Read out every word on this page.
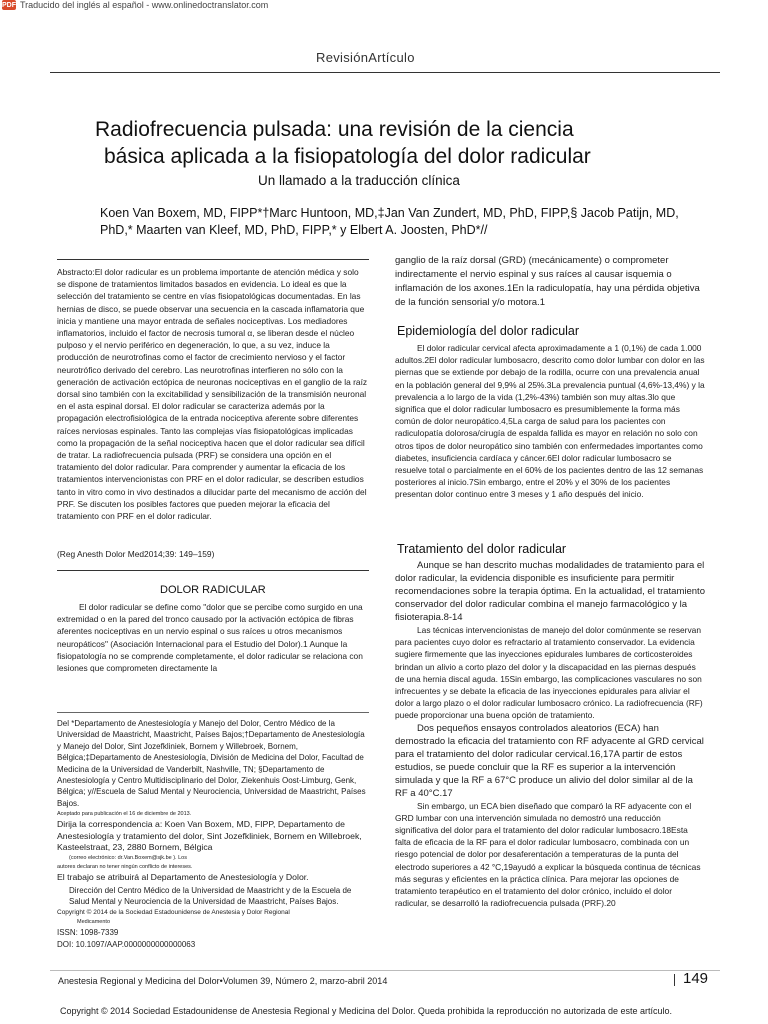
PDF Traducido del inglés al español - www.onlinedoctranslator.com
RevisiónArtículo
Radiofrecuencia pulsada: una revisión de la ciencia
básica aplicada a la fisiopatología del dolor radicular
Un llamado a la traducción clínica
Koen Van Boxem, MD, FIPP*†Marc Huntoon, MD,‡Jan Van Zundert, MD, PhD, FIPP,§ Jacob Patijn, MD, PhD,* Maarten van Kleef, MD, PhD, FIPP,* y Elbert A. Joosten, PhD*//

Abstracto:El dolor radicular es un problema importante de atención médica y solo se dispone de tratamientos limitados basados en evidencia. Lo ideal es que la selección del tratamiento se centre en vías fisiopatológicas documentadas. En las hernias de disco, se puede observar una secuencia en la cascada inflamatoria que inicia y mantiene una mayor entrada de señales nociceptivas. Los mediadores inflamatorios, incluido el factor de necrosis tumoral α, se liberan desde el núcleo pulposo y el nervio periférico en degeneración, lo que, a su vez, induce la producción de neurotrofinas como el factor de crecimiento nervioso y el factor neurotrófico derivado del cerebro. Las neurotrofinas interfieren no sólo con la generación de activación ectópica de neuronas nociceptivas en el ganglio de la raíz dorsal sino también con la excitabilidad y sensibilización de la transmisión neuronal en el asta espinal dorsal. El dolor radicular se caracteriza además por la propagación electrofisiológica de la entrada nociceptiva aferente sobre diferentes raíces nerviosas espinales. Tanto las complejas vías fisiopatológicas implicadas como la propagación de la señal nociceptiva hacen que el dolor radicular sea difícil de tratar. La radiofrecuencia pulsada (PRF) se considera una opción en el tratamiento del dolor radicular. Para comprender y aumentar la eficacia de los tratamientos intervencionistas con PRF en el dolor radicular, se describen estudios tanto in vitro como in vivo destinados a dilucidar parte del mecanismo de acción del PRF. Se discuten los posibles factores que pueden mejorar la eficacia del tratamiento con PRF en el dolor radicular.

(Reg Anesth Dolor Med2014;39: 149–159)

DOLOR RADICULAR

El dolor radicular se define como "dolor que se percibe como surgido en una extremidad o en la pared del tronco causado por la activación ectópica de fibras aferentes nociceptivas en un nervio espinal o sus raíces u otros mecanismos neuropáticos" (Asociación Internacional para el Estudio del Dolor).1 Aunque la fisiopatología no se comprende completamente, el dolor radicular se relaciona con lesiones que comprometen directamente la

Del *Departamento de Anestesiología y Manejo del Dolor, Centro Médico de la Universidad de Maastricht, Maastricht, Países Bajos;†Departamento de Anestesiología y Manejo del Dolor, Sint Jozefkliniek, Bornem y Willebroek, Bornem, Bélgica;‡Departamento de Anestesiología, División de Medicina del Dolor, Facultad de Medicina de la Universidad de Vanderbilt, Nashville, TN; §Departamento de Anestesiología y Centro Multidisciplinario del Dolor, Ziekenhuis Oost-Limburg, Genk, Bélgica; y//Escuela de Salud Mental y Neurociencia, Universidad de Maastricht, Países Bajos.

Aceptado para publicación el 16 de diciembre de 2013.

Dirija la correspondencia a: Koen Van Boxem, MD, FIPP, Departamento de Anestesiología y tratamiento del dolor, Sint Jozefkliniek, Bornem en Willebroek, Kasteelstraat, 23, 2880 Bornem, Bélgica

(correo electrónico: dr.Van.Boxem@sjk.be ). Los

autores declaran no tener ningún conflicto de intereses.

El trabajo se atribuirá al Departamento de Anestesiología y Dolor.

Dirección del Centro Médico de la Universidad de Maastricht y de la Escuela de Salud Mental y Neurociencia de la Universidad de Maastricht, Países Bajos.

Copyright © 2014 de la Sociedad Estadounidense de Anestesia y Dolor Regional

Medicamento

ISSN: 1098-7339

DOI: 10.1097/AAP.0000000000000063

ganglio de la raíz dorsal (GRD) (mecánicamente) o comprometer indirectamente el nervio espinal y sus raíces al causar isquemia o inflamación de los axones.1En la radiculopatía, hay una pérdida objetiva de la función sensorial y/o motora.1

Epidemiología del dolor radicular

El dolor radicular cervical afecta aproximadamente a 1 (0,1%) de cada 1.000 adultos.2El dolor radicular lumbosacro, descrito como dolor lumbar con dolor en las piernas que se extiende por debajo de la rodilla, ocurre con una prevalencia anual en la población general del 9,9% al 25%.3La prevalencia puntual (4,6%-13,4%) y la prevalencia a lo largo de la vida (1,2%-43%) también son muy altas.3lo que significa que el dolor radicular lumbosacro es presumiblemente la forma más común de dolor neuropático.4,5La carga de salud para los pacientes con radiculopatía dolorosa/cirugía de espalda fallida es mayor en relación no solo con otros tipos de dolor neuropático sino también con enfermedades importantes como diabetes, insuficiencia cardíaca y cáncer.6El dolor radicular lumbosacro se resuelve total o parcialmente en el 60% de los pacientes dentro de las 12 semanas posteriores al inicio.7Sin embargo, entre el 20% y el 30% de los pacientes presentan dolor continuo entre 3 meses y 1 año después del inicio.

Tratamiento del dolor radicular

Aunque se han descrito muchas modalidades de tratamiento para el dolor radicular, la evidencia disponible es insuficiente para permitir recomendaciones sobre la terapia óptima. En la actualidad, el tratamiento conservador del dolor radicular combina el manejo farmacológico y la fisioterapia.8-14

Las técnicas intervencionistas de manejo del dolor comúnmente se reservan para pacientes cuyo dolor es refractario al tratamiento conservador. La evidencia sugiere firmemente que las inyecciones epidurales lumbares de corticosteroides brindan un alivio a corto plazo del dolor y la discapacidad en las piernas después de una hernia discal aguda. 15Sin embargo, las complicaciones vasculares no son infrecuentes y se debate la eficacia de las inyecciones epidurales para aliviar el dolor a largo plazo o el dolor radicular lumbosacro crónico. La radiofrecuencia (RF) puede proporcionar una buena opción de tratamiento.

Dos pequeños ensayos controlados aleatorios (ECA) han demostrado la eficacia del tratamiento con RF adyacente al GRD cervical para el tratamiento del dolor radicular cervical.16,17A partir de estos estudios, se puede concluir que la RF es superior a la intervención simulada y que la RF a 67°C produce un alivio del dolor similar al de la RF a 40°C.17

Sin embargo, un ECA bien diseñado que comparó la RF adyacente con el GRD lumbar con una intervención simulada no demostró una reducción significativa del dolor para el tratamiento del dolor radicular lumbosacro.18Esta falta de eficacia de la RF para el dolor radicular lumbosacro, combinada con un riesgo potencial de dolor por desaferentación a temperaturas de la punta del electrodo superiores a 42 °C,19ayudó a explicar la búsqueda continua de técnicas más seguras y eficientes en la práctica clínica. Para mejorar las opciones de tratamiento terapéutico en el tratamiento del dolor crónico, incluido el dolor radicular, se desarrolló la radiofrecuencia pulsada (PRF).20

Anestesia Regional y Medicina del Dolor•Volumen 39, Número 2, marzo-abril 2014	149
Copyright © 2014 Sociedad Estadounidense de Anestesia Regional y Medicina del Dolor. Queda prohibida la reproducción no autorizada de este artículo.
